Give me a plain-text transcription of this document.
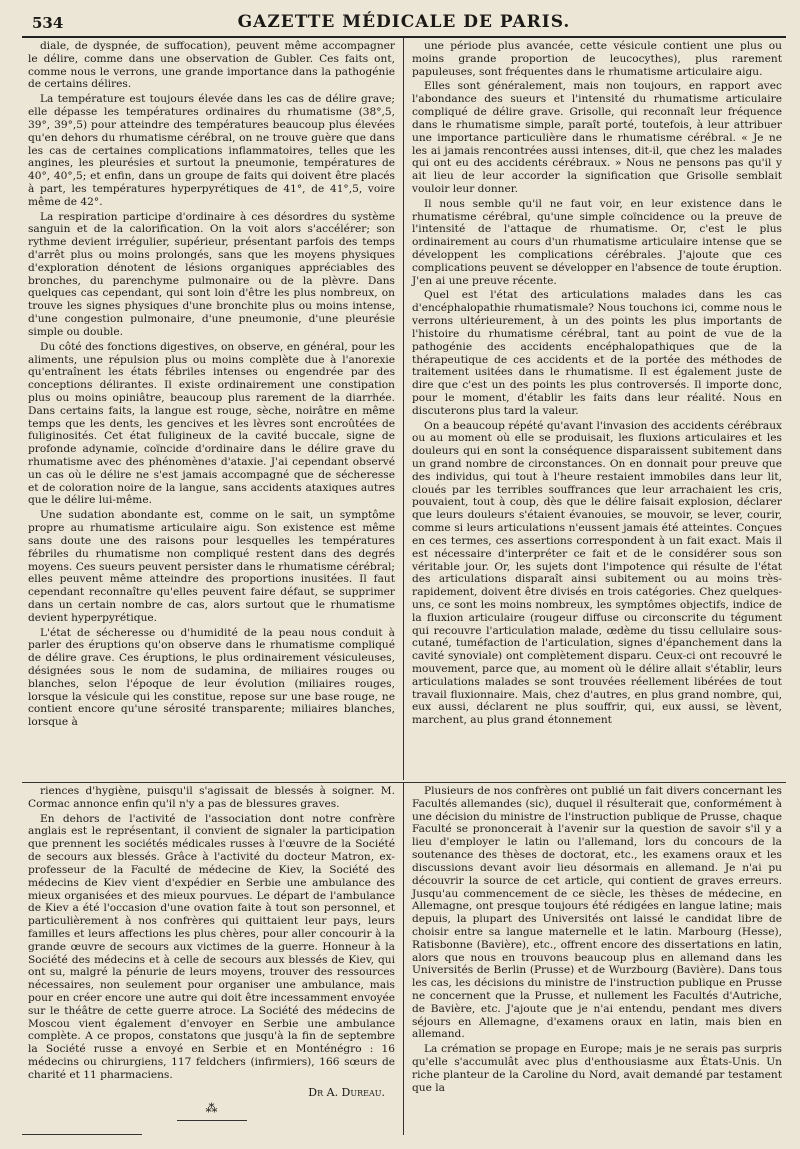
534	GAZETTE MÉDICALE DE PARIS.

diale, de dyspnée, de suffocation), peuvent même accompagner le délire, comme dans une observation de Gubler. Ces faits ont, comme nous le verrons, une grande importance dans la pathogénie de certains délires.

La température est toujours élevée dans les cas de délire grave; elle dépasse les températures ordinaires du rhumatisme (38°,5, 39°, 39°,5) pour atteindre des températures beaucoup plus élevées qu'en dehors du rhumatisme cérébral, on ne trouve guère que dans les cas de certaines complications inflammatoires, telles que les angines, les pleurésies et surtout la pneumonie, températures de 40°, 40°,5; et enfin, dans un groupe de faits qui doivent être placés à part, les températures hyperpyrétiques de 41°, de 41°,5, voire même de 42°.

La respiration participe d'ordinaire à ces désordres du système sanguin et de la calorification. On la voit alors s'accélérer; son rythme devient irrégulier, supérieur, présentant parfois des temps d'arrêt plus ou moins prolongés, sans que les moyens physiques d'exploration dénotent de lésions organiques appréciables des bronches, du parenchyme pulmonaire ou de la plèvre. Dans quelques cas cependant, qui sont loin d'être les plus nombreux, on trouve les signes physiques d'une bronchite plus ou moins intense, d'une congestion pulmonaire, d'une pneumonie, d'une pleurésie simple ou double.

Du côté des fonctions digestives, on observe, en général, pour les aliments, une répulsion plus ou moins complète due à l'anorexie qu'entraînent les états fébriles intenses ou engendrée par des conceptions délirantes. Il existe ordinairement une constipation plus ou moins opiniâtre, beaucoup plus rarement de la diarrhée. Dans certains faits, la langue est rouge, sèche, noirâtre en même temps que les dents, les gencives et les lèvres sont encroûtées de fuliginosités. Cet état fuligineux de la cavité buccale, signe de profonde adynamie, coïncide d'ordinaire dans le délire grave du rhumatisme avec des phénomènes d'ataxie. J'ai cependant observé un cas où le délire ne s'est jamais accompagné que de sécheresse et de coloration noire de la langue, sans accidents ataxiques autres que le délire lui-même.

Une sudation abondante est, comme on le sait, un symptôme propre au rhumatisme articulaire aigu. Son existence est même sans doute une des raisons pour lesquelles les températures fébriles du rhumatisme non compliqué restent dans des degrés moyens. Ces sueurs peuvent persister dans le rhumatisme cérébral; elles peuvent même atteindre des proportions inusitées. Il faut cependant reconnaître qu'elles peuvent faire défaut, se supprimer dans un certain nombre de cas, alors surtout que le rhumatisme devient hyperpyrétique.

L'état de sécheresse ou d'humidité de la peau nous conduit à parler des éruptions qu'on observe dans le rhumatisme compliqué de délire grave. Ces éruptions, le plus ordinairement vésiculeuses, désignées sous le nom de sudamina, de miliaires rouges ou blanches, selon l'époque de leur évolution (miliaires rouges, lorsque la vésicule qui les constitue, repose sur une base rouge, ne contient encore qu'une sérosité transparente; miliaires blanches, lorsque à

une période plus avancée, cette vésicule contient une plus ou moins grande proportion de leucocythes), plus rarement papuleuses, sont fréquentes dans le rhumatisme articulaire aigu.

Elles sont généralement, mais non toujours, en rapport avec l'abondance des sueurs et l'intensité du rhumatisme articulaire compliqué de délire grave. Grisolle, qui reconnaît leur fréquence dans le rhumatisme simple, paraît porté, toutefois, à leur attribuer une importance particulière dans le rhumatisme cérébral. « Je ne les ai jamais rencontrées aussi intenses, dit-il, que chez les malades qui ont eu des accidents cérébraux. » Nous ne pensons pas qu'il y ait lieu de leur accorder la signification que Grisolle semblait vouloir leur donner.

Il nous semble qu'il ne faut voir, en leur existence dans le rhumatisme cérébral, qu'une simple coïncidence ou la preuve de l'intensité de l'attaque de rhumatisme. Or, c'est le plus ordinairement au cours d'un rhumatisme articulaire intense que se développent les complications cérébrales. J'ajoute que ces complications peuvent se développer en l'absence de toute éruption. J'en ai une preuve récente.

Quel est l'état des articulations malades dans les cas d'encéphalopathie rhumatismale? Nous touchons ici, comme nous le verrons ultérieurement, à un des points les plus importants de l'histoire du rhumatisme cérébral, tant au point de vue de la pathogénie des accidents encéphalopathiques que de la thérapeutique de ces accidents et de la portée des méthodes de traitement usitées dans le rhumatisme. Il est également juste de dire que c'est un des points les plus controversés. Il importe donc, pour le moment, d'établir les faits dans leur réalité. Nous en discuterons plus tard la valeur.

On a beaucoup répété qu'avant l'invasion des accidents cérébraux ou au moment où elle se produisait, les fluxions articulaires et les douleurs qui en sont la conséquence disparaissent subitement dans un grand nombre de circonstances. On en donnait pour preuve que des individus, qui tout à l'heure restaient immobiles dans leur lit, cloués par les terribles souffrances que leur arrachaient les cris, pouvaient, tout à coup, dès que le délire faisait explosion, déclarer que leurs douleurs s'étaient évanouies, se mouvoir, se lever, courir, comme si leurs articulations n'eussent jamais été atteintes. Conçues en ces termes, ces assertions correspondent à un fait exact. Mais il est nécessaire d'interpréter ce fait et de le considérer sous son véritable jour. Or, les sujets dont l'impotence qui résulte de l'état des articulations disparaît ainsi subitement ou au moins très-rapidement, doivent être divisés en trois catégories. Chez quelques-uns, ce sont les moins nombreux, les symptômes objectifs, indice de la fluxion articulaire (rougeur diffuse ou circonscrite du tégument qui recouvre l'articulation malade, œdème du tissu cellulaire sous-cutané, tuméfaction de l'articulation, signes d'épanchement dans la cavité synoviale) ont complètement disparu. Ceux-ci ont recouvré le mouvement, parce que, au moment où le délire allait s'établir, leurs articulations malades se sont trouvées réellement libérées de tout travail fluxionnaire. Mais, chez d'autres, en plus grand nombre, qui, eux aussi, déclarent ne plus souffrir, qui, eux aussi, se lèvent, marchent, au plus grand étonnement

riences d'hygiène, puisqu'il s'agissait de blessés à soigner. M. Cormac annonce enfin qu'il n'y a pas de blessures graves.

En dehors de l'activité de l'association dont notre confrère anglais est le représentant, il convient de signaler la participation que prennent les sociétés médicales russes à l'œuvre de la Société de secours aux blessés. Grâce à l'activité du docteur Matron, ex-professeur de la Faculté de médecine de Kiev, la Société des médecins de Kiev vient d'expédier en Serbie une ambulance des mieux organisées et des mieux pourvues. Le départ de l'ambulance de Kiev a été l'occasion d'une ovation faite à tout son personnel, et particulièrement à nos confrères qui quittaient leur pays, leurs familles et leurs affections les plus chères, pour aller concourir à la grande œuvre de secours aux victimes de la guerre. Honneur à la Société des médecins et à celle de secours aux blessés de Kiev, qui ont su, malgré la pénurie de leurs moyens, trouver des ressources nécessaires, non seulement pour organiser une ambulance, mais pour en créer encore une autre qui doit être incessamment envoyée sur le théâtre de cette guerre atroce. La Société des médecins de Moscou vient également d'envoyer en Serbie une ambulance complète. A ce propos, constatons que jusqu'à la fin de septembre la Société russe a envoyé en Serbie et en Monténégro : 16 médecins ou chirurgiens, 117 feldchers (infirmiers), 166 sœurs de charité et 11 pharmaciens.

Dr A. Dureau.
⁂

Plusieurs de nos confrères ont publié un fait divers concernant les Facultés allemandes (sic), duquel il résulterait que, conformément à une décision du ministre de l'instruction publique de Prusse, chaque Faculté se prononcerait à l'avenir sur la question de savoir s'il y a lieu d'employer le latin ou l'allemand, lors du concours de la soutenance des thèses de doctorat, etc., les examens oraux et les discussions devant avoir lieu désormais en allemand. Je n'ai pu découvrir la source de cet article, qui contient de graves erreurs. Jusqu'au commencement de ce siècle, les thèses de médecine, en Allemagne, ont presque toujours été rédigées en langue latine; mais depuis, la plupart des Universités ont laissé le candidat libre de choisir entre sa langue maternelle et le latin. Marbourg (Hesse), Ratisbonne (Bavière), etc., offrent encore des dissertations en latin, alors que nous en trouvons beaucoup plus en allemand dans les Universités de Berlin (Prusse) et de Wurzbourg (Bavière). Dans tous les cas, les décisions du ministre de l'instruction publique en Prusse ne concernent que la Prusse, et nullement les Facultés d'Autriche, de Bavière, etc. J'ajoute que je n'ai entendu, pendant mes divers séjours en Allemagne, d'examens oraux en latin, mais bien en allemand.

La crémation se propage en Europe; mais je ne serais pas surpris qu'elle s'accumulât avec plus d'enthousiasme aux États-Unis. Un riche planteur de la Caroline du Nord, avait demandé par testament que la
